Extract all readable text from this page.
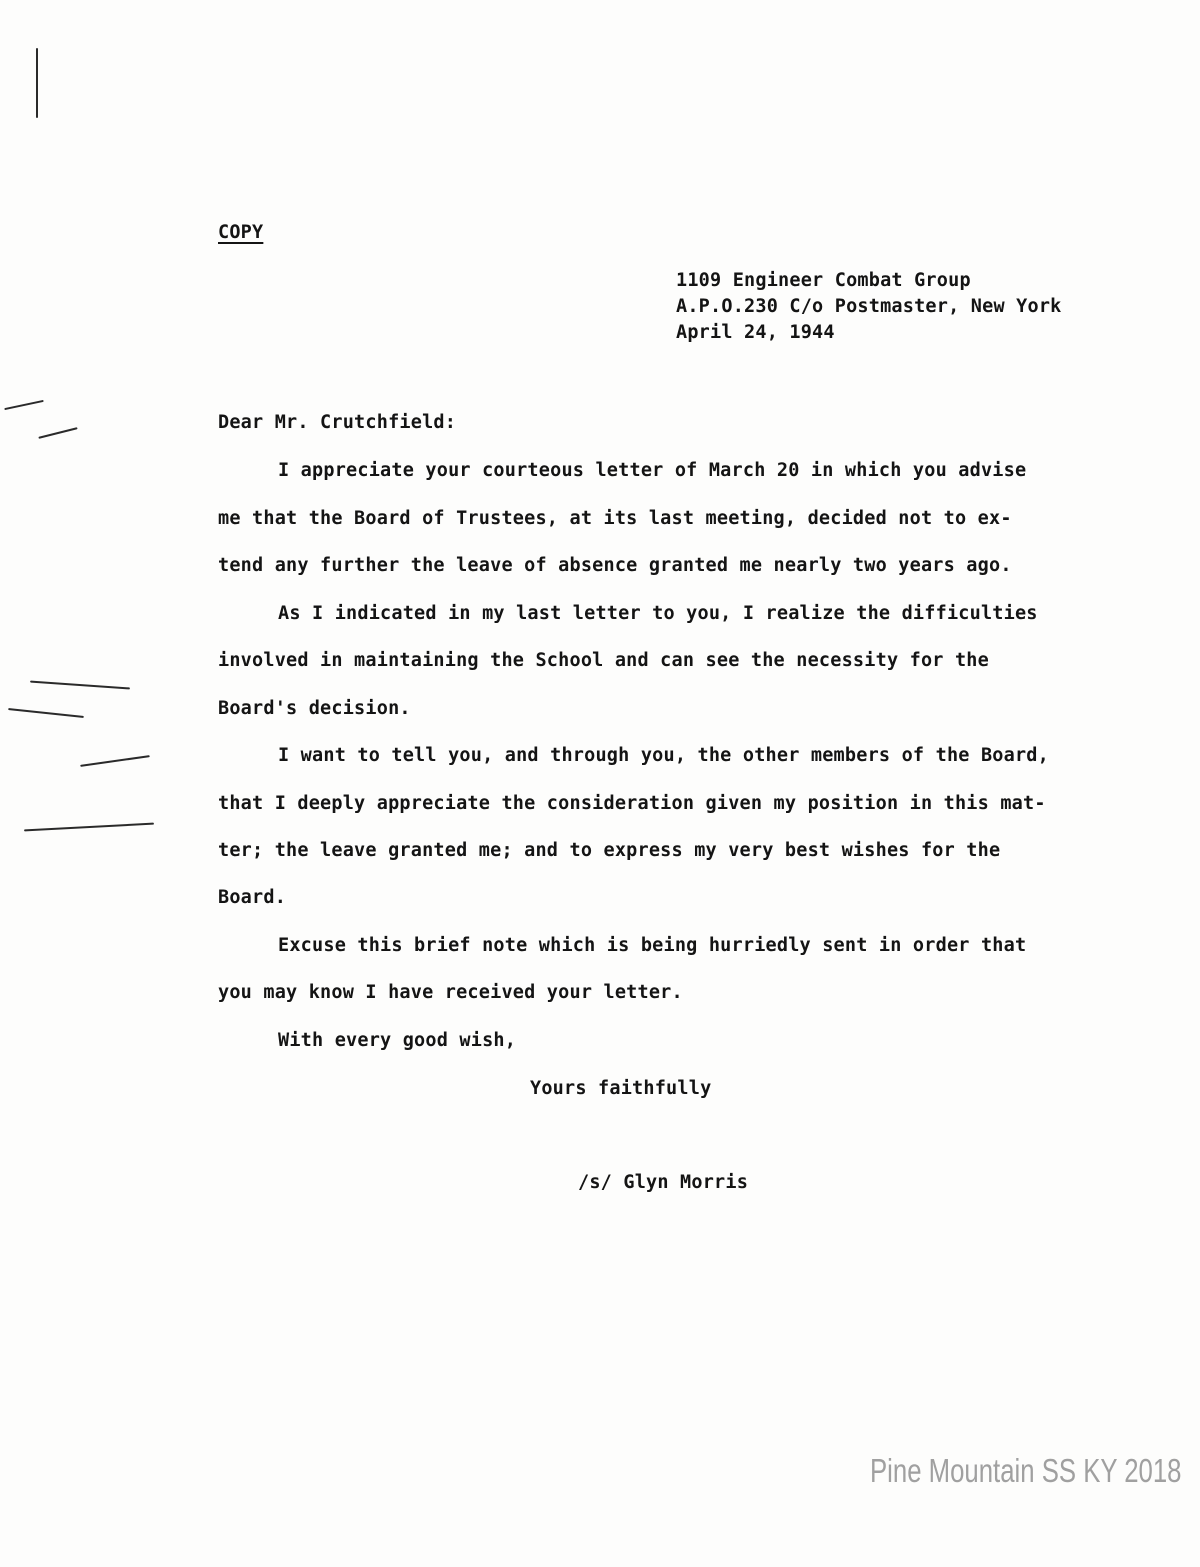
COPY
1109 Engineer Combat Group
A.P.O.230 C/o Postmaster, New York
April 24, 1944
Dear Mr. Crutchfield:
I appreciate your courteous letter of March 20 in which you advise
me that the Board of Trustees, at its last meeting, decided not to ex-
tend any further the leave of absence granted me nearly two years ago.
As I indicated in my last letter to you, I realize the difficulties
involved in maintaining the School and can see the necessity for the
Board's decision.
I want to tell you, and through you, the other members of the Board,
that I deeply appreciate the consideration given my position in this mat-
ter; the leave granted me; and to express my very best wishes for the
Board.
Excuse this brief note which is being hurriedly sent in order that
you may know I have received your letter.
With every good wish,
Yours faithfully
/s/ Glyn Morris
Pine Mountain SS KY 2018
